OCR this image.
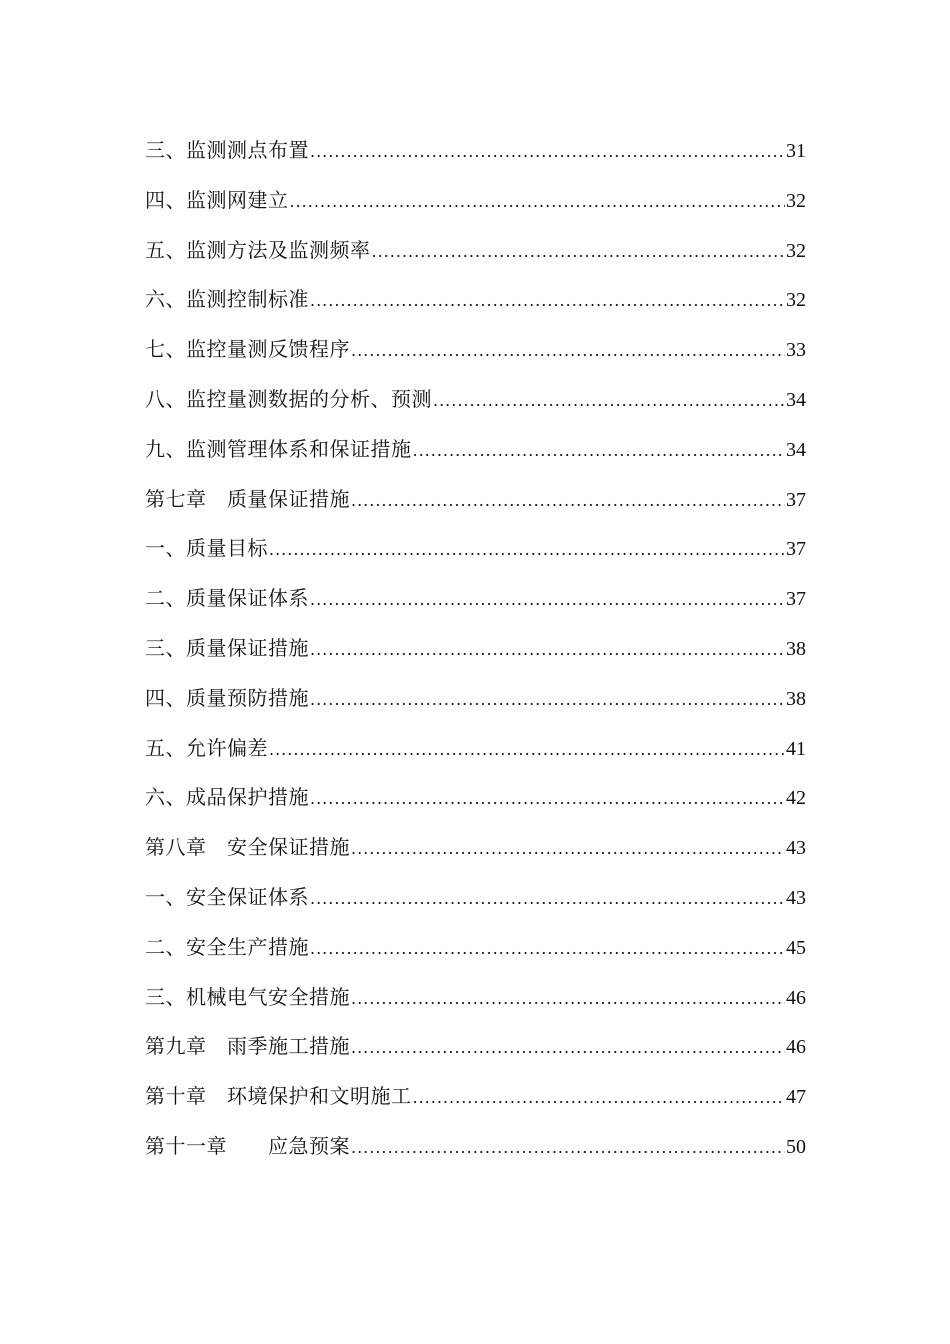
三、监测测点布置 .....	31
四、监测网建立 .....	32
五、监测方法及监测频率 .....	32
六、监测控制标准 .....	32
七、监控量测反馈程序 .....	33
八、监控量测数据的分析、预测 .....	34
九、监测管理体系和保证措施 .....	34
第七章　质量保证措施 .....	37
一、质量目标 .....	37
二、质量保证体系 .....	37
三、质量保证措施 .....	38
四、质量预防措施 .....	38
五、允许偏差 .....	41
六、成品保护措施 .....	42
第八章　安全保证措施 .....	43
一、安全保证体系 .....	43
二、安全生产措施 .....	45
三、机械电气安全措施 .....	46
第九章　雨季施工措施 .....	46
第十章　环境保护和文明施工 .....	47
第十一章　　应急预案 .....	50
